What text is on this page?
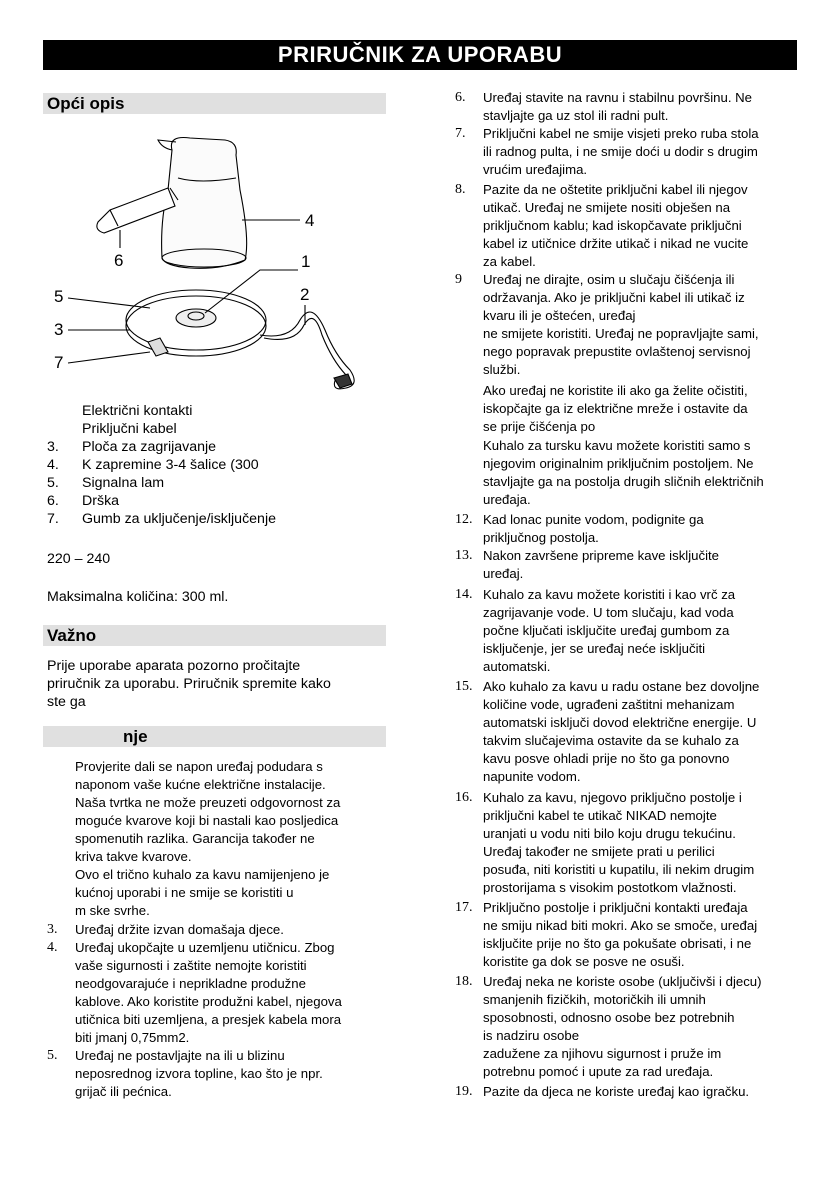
PRIRUČNIK ZA UPORABU
Opći opis
4
6	1
2
5
3
7
Električni kontakti
Priključni kabel
3. Ploča za zagrijavanje
4. K zapremine 3-4 šalice (300
5. Signalna lam
6. Drška
7. Gumb za uključenje/isključenje
220 – 240
Maksimalna količina: 300 ml.
Važno
Prije uporabe aparata pozorno pročitajte
priručnik za uporabu. Priručnik spremite kako
ste ga
nje
Provjerite dali se napon uređaj podudara s
naponom vaše kućne električne instalacije.
Naša tvrtka ne može preuzeti odgovornost za
moguće kvarove koji bi nastali kao posljedica
spomenutih razlika. Garancija također ne
kriva takve kvarove.
Ovo el trično kuhalo za kavu namijenjeno je
kućnoj uporabi i ne smije se koristiti u
m ske svrhe.
3. Uređaj držite izvan domašaja djece.
4. Uređaj ukopčajte u uzemljenu utičnicu. Zbog
vaše sigurnosti i zaštite nemojte koristiti
neodgovarajuće i neprikladne produžne
kablove. Ako koristite produžni kabel, njegova
utičnica biti uzemljena, a presjek kabela mora
biti jmanj 0,75mm2.
5. Uređaj ne postavljajte na ili u blizinu
neposrednog izvora topline, kao što je npr.
grijač ili pećnica.
6. Uređaj stavite na ravnu i stabilnu površinu. Ne
stavljajte ga uz stol ili radni pult.
7. Priključni kabel ne smije visjeti preko ruba stola
ili radnog pulta, i ne smije doći u dodir s drugim
vrućim uređajima.
8. Pazite da ne oštetite priključni kabel ili njegov
utikač. Uređaj ne smijete nositi obješen na
priključnom kablu; kad iskopčavate priključni
kabel iz utičnice držite utikač i nikad ne vucite
za kabel.
9 Uređaj ne dirajte, osim u slučaju čišćenja ili
održavanja. Ako je priključni kabel ili utikač iz
kvaru ili je oštećen, uređaj
ne smijete koristiti. Uređaj ne popravljajte sami,
nego popravak prepustite ovlaštenoj servisnoj
službi.
Ako uređaj ne koristite ili ako ga želite očistiti,
iskopčajte ga iz električne mreže i ostavite da
se prije čišćenja po
Kuhalo za tursku kavu možete koristiti samo s
njegovim originalnim priključnim postoljem. Ne
stavljajte ga na postolja drugih sličnih električnih
uređaja.
12. Kad lonac punite vodom, podignite ga
priključnog postolja.
13. Nakon završene pripreme kave isključite
uređaj.
14. Kuhalo za kavu možete koristiti i kao vrč za
zagrijavanje vode. U tom slučaju, kad voda
počne ključati isključite uređaj gumbom za
isključenje, jer se uređaj neće isključiti
automatski.
15. Ako kuhalo za kavu u radu ostane bez dovoljne
količine vode, ugrađeni zaštitni mehanizam
automatski isključi dovod električne energije. U
takvim slučajevima ostavite da se kuhalo za
kavu posve ohladi prije no što ga ponovno
napunite vodom.
16. Kuhalo za kavu, njegovo priključno postolje i
priključni kabel te utikač NIKAD nemojte
uranjati u vodu niti bilo koju drugu tekućinu.
Uređaj također ne smijete prati u perilici
posuđa, niti koristiti u kupatilu, ili nekim drugim
prostorijama s visokim postotkom vlažnosti.
17. Priključno postolje i priključni kontakti uređaja
ne smiju nikad biti mokri. Ako se smoče, uređaj
isključite prije no što ga pokušate obrisati, i ne
koristite ga dok se posve ne osuši.
18. Uređaj neka ne koriste osobe (uključivši i djecu)
smanjenih fizičkih, motoričkih ili umnih
sposobnosti, odnosno osobe bez potrebnih
is nadziru osobe
zadužene za njihovu sigurnost i pruže im
potrebnu pomoć i upute za rad uređaja.
19. Pazite da djeca ne koriste uređaj kao igračku.
